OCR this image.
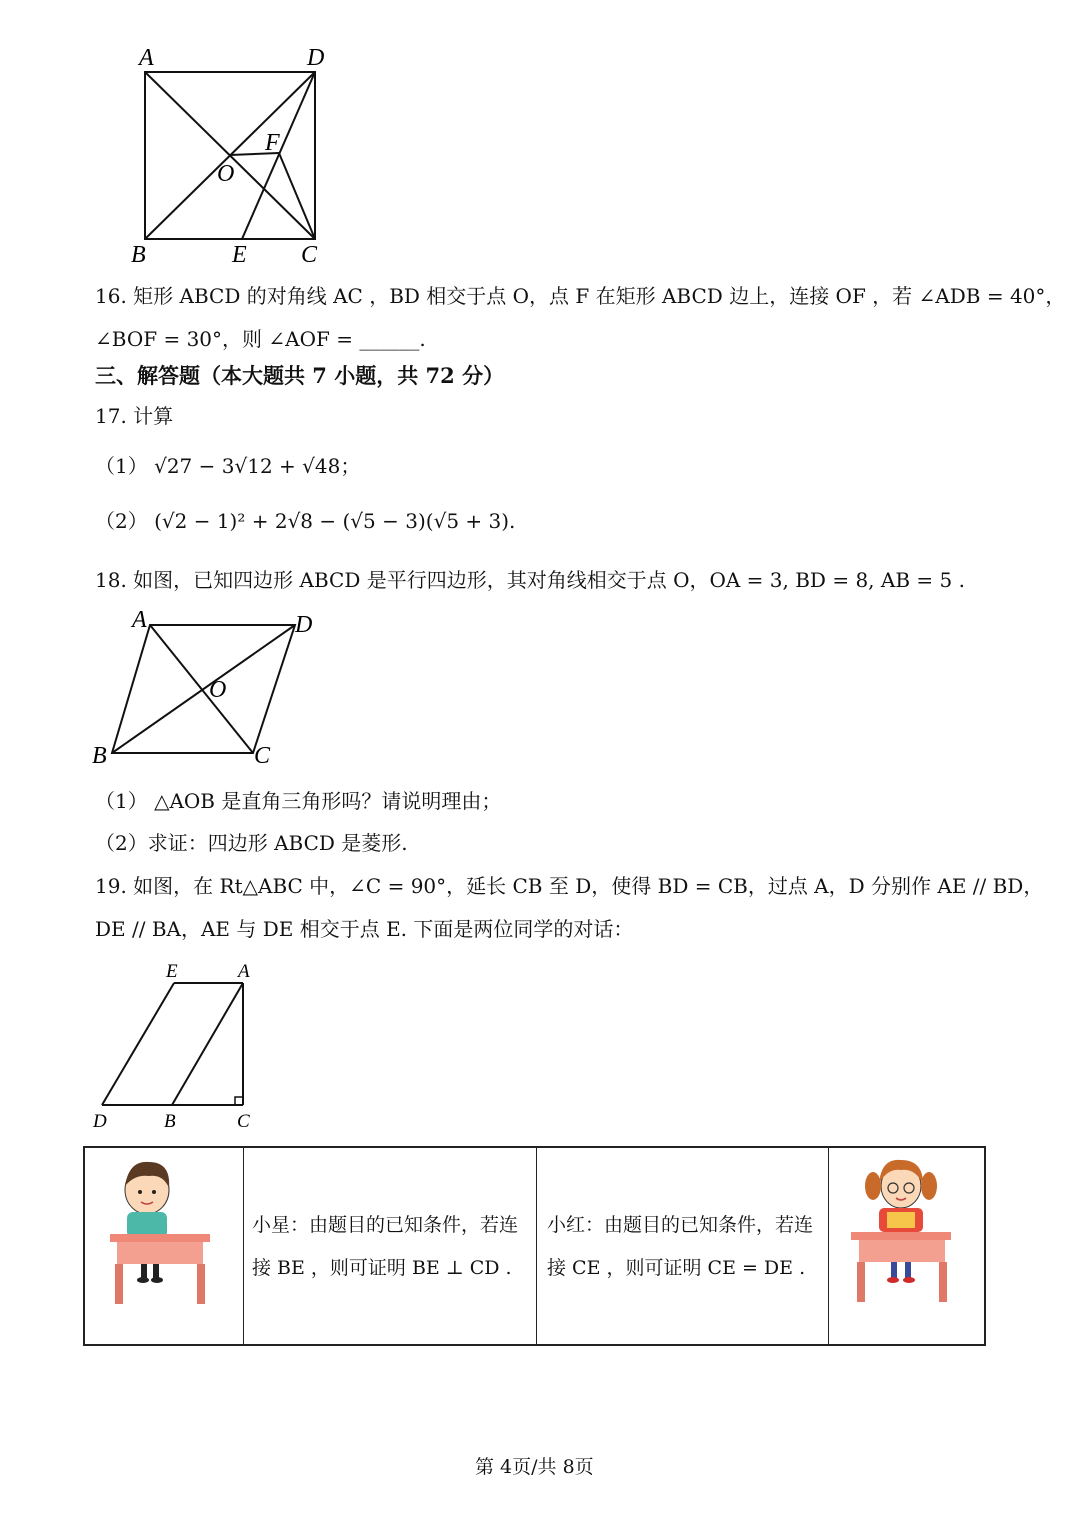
A	D
B	E C
O
F
16. 矩形 ABCD 的对角线 AC ，BD 相交于点 O，点 F 在矩形 ABCD 边上，连接 OF ，若 ∠ADB = 40°，
∠BOF = 30°，则 ∠AOF = ______.
三、解答题（本大题共 7 小题，共 72 分）
17. 计算
（1） √27 − 3√12 + √48；
（2） (√2 − 1)² + 2√8 − (√5 − 3)(√5 + 3).
18. 如图，已知四边形 ABCD 是平行四边形，其对角线相交于点 O，OA = 3, BD = 8, AB = 5 .
A	D
B	C
O
（1） △AOB 是直角三角形吗？请说明理由；
（2）求证：四边形 ABCD 是菱形.
19. 如图，在 Rt△ABC 中，∠C = 90°，延长 CB 至 D，使得 BD = CB，过点 A，D 分别作 AE // BD，
DE // BA，AE 与 DE 相交于点 E. 下面是两位同学的对话：
E	A
D	B	C
小星：由题目的已知条件，若连
接 BE ，则可证明 BE ⊥ CD .
小红：由题目的已知条件，若连
接 CE ，则可证明 CE = DE .
第 4页/共 8页
